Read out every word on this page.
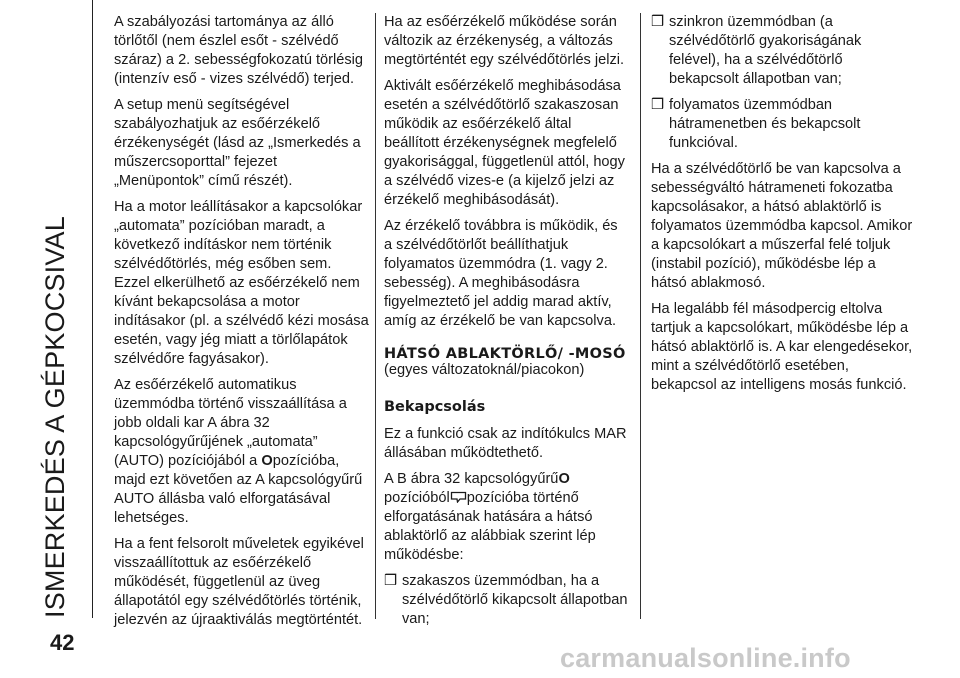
ISMERKEDÉS A GÉPKOCSIVAL
42

A szabályozási tartománya az álló törlőtől (nem észlel esőt - szélvédő száraz) a 2. sebességfokozatú törlésig (intenzív eső - vizes szélvédő) terjed.

A setup menü segítségével szabályozhatjuk az esőérzékelő érzékenységét (lásd az „Ismerkedés a műszercsoporttal” fejezet „Menüpontok” című részét).

Ha a motor leállításakor a kapcsolókar „automata” pozícióban maradt, a következő indításkor nem történik szélvédőtörlés, még esőben sem. Ezzel elkerülhető az esőérzékelő nem kívánt bekapcsolása a motor indításakor (pl. a szélvédő kézi mosása esetén, vagy jég miatt a törlőlapátok szélvédőre fagyásakor).

Az esőérzékelő automatikus üzemmódba történő visszaállítása a jobb oldali kar A ábra 32 kapcsológyűrűjének „automata” (AUTO) pozíciójából a Opozícióba, majd ezt követően az A kapcsológyűrű AUTO állásba való elforgatásával lehetséges.

Ha a fent felsorolt műveletek egyikével visszaállítottuk az esőérzékelő működését, függetlenül az üveg állapotától egy szélvédőtörlés történik, jelezvén az újraaktiválás megtörténtét.

Ha az esőérzékelő működése során változik az érzékenység, a változás megtörténtét egy szélvédőtörlés jelzi.

Aktivált esőérzékelő meghibásodása esetén a szélvédőtörlő szakaszosan működik az esőérzékelő által beállított érzékenységnek megfelelő gyakorisággal, függetlenül attól, hogy a szélvédő vizes-e (a kijelző jelzi az érzékelő meghibásodását).

Az érzékelő továbbra is működik, és a szélvédőtörlőt beállíthatjuk folyamatos üzemmódra (1. vagy 2. sebesség). A meghibásodásra figyelmeztető jel addig marad aktív, amíg az érzékelő be van kapcsolva.

HÁTSÓ ABLAKTÖRLŐ/ -MOSÓ
(egyes változatoknál/piacokon)
Bekapcsolás

Ez a funkció csak az indítókulcs MAR állásában működtethető.

A B ábra 32 kapcsológyűrűO
pozícióból pozícióba történő elforgatásának hatására a hátsó ablaktörlő az alábbiak szerint lép működésbe:

❒ szakaszos üzemmódban, ha a szélvédőtörlő kikapcsolt állapotban van;
❒ szinkron üzemmódban (a szélvédőtörlő gyakoriságának felével), ha a szélvédőtörlő bekapcsolt állapotban van;
❒ folyamatos üzemmódban hátramenetben és bekapcsolt funkcióval.

Ha a szélvédőtörlő be van kapcsolva a sebességváltó hátrameneti fokozatba kapcsolásakor, a hátsó ablaktörlő is folyamatos üzemmódba kapcsol. Amikor a kapcsolókart a műszerfal felé toljuk (instabil pozíció), működésbe lép a hátsó ablakmosó.

Ha legalább fél másodpercig eltolva tartjuk a kapcsolókart, működésbe lép a hátsó ablaktörlő is. A kar elengedésekor, mint a szélvédőtörlő esetében, bekapcsol az intelligens mosás funkció.

carmanualsonline.info
